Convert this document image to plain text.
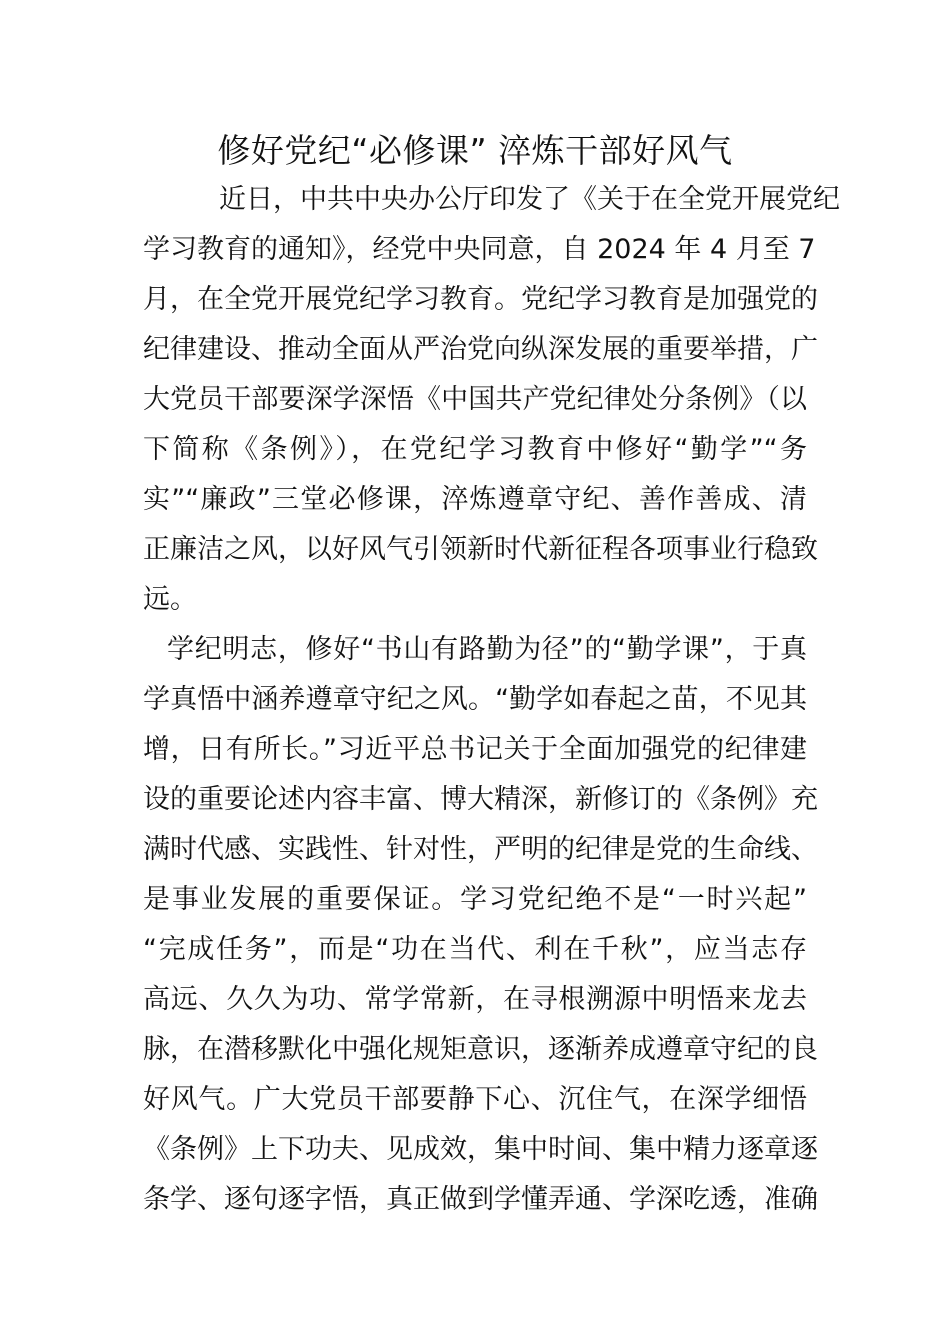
修好党纪“必修课” 淬炼干部好风气
近日，中共中央办公厅印发了《关于在全党开展党纪
学习教育的通知》，经党中央同意，自 2024 年 4 月至 7
月，在全党开展党纪学习教育。党纪学习教育是加强党的
纪律建设、推动全面从严治党向纵深发展的重要举措，广
大党员干部要深学深悟《中国共产党纪律处分条例》（以
下简称《条例》），在党纪学习教育中修好“勤学”“务
实”“廉政”三堂必修课，淬炼遵章守纪、善作善成、清
正廉洁之风，以好风气引领新时代新征程各项事业行稳致
远。
学纪明志，修好“书山有路勤为径”的“勤学课”，于真
学真悟中涵养遵章守纪之风。“勤学如春起之苗，不见其
增，日有所长。”习近平总书记关于全面加强党的纪律建
设的重要论述内容丰富、博大精深，新修订的《条例》充
满时代感、实践性、针对性，严明的纪律是党的生命线、
是事业发展的重要保证。学习党纪绝不是“一时兴起”
“完成任务”，而是“功在当代、利在千秋”，应当志存
高远、久久为功、常学常新，在寻根溯源中明悟来龙去
脉，在潜移默化中强化规矩意识，逐渐养成遵章守纪的良
好风气。广大党员干部要静下心、沉住气，在深学细悟
《条例》上下功夫、见成效，集中时间、集中精力逐章逐
条学、逐句逐字悟，真正做到学懂弄通、学深吃透，准确
